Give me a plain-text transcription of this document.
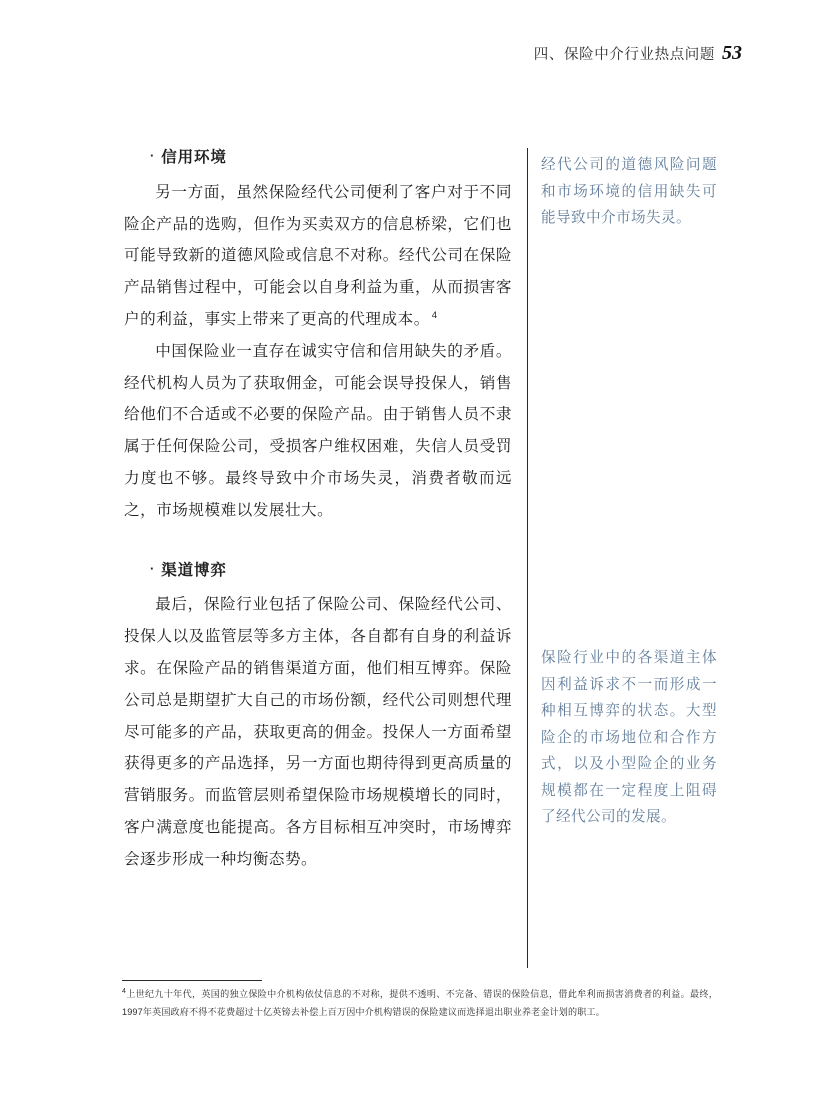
四、保险中介行业热点问题 53
· 信用环境

另一方面，虽然保险经代公司便利了客户对于不同险企产品的选购，但作为买卖双方的信息桥梁，它们也可能导致新的道德风险或信息不对称。经代公司在保险产品销售过程中，可能会以自身利益为重，从而损害客户的利益，事实上带来了更高的代理成本。 $^4$

中国保险业一直存在诚实守信和信用缺失的矛盾。经代机构人员为了获取佣金，可能会误导投保人，销售给他们不合适或不必要的保险产品。由于销售人员不隶属于任何保险公司，受损客户维权困难，失信人员受罚力度也不够。最终导致中介市场失灵，消费者敬而远之，市场规模难以发展壮大。

· 渠道博弈

最后，保险行业包括了保险公司、保险经代公司、投保人以及监管层等多方主体，各自都有自身的利益诉求。在保险产品的销售渠道方面，他们相互博弈。保险公司总是期望扩大自己的市场份额，经代公司则想代理尽可能多的产品，获取更高的佣金。投保人一方面希望获得更多的产品选择，另一方面也期待得到更高质量的营销服务。而监管层则希望保险市场规模增长的同时，客户满意度也能提高。各方目标相互冲突时，市场博弈会逐步形成一种均衡态势。

经代公司的道德风险问题和市场环境的信用缺失可能导致中介市场失灵。
保险行业中的各渠道主体因利益诉求不一而形成一种相互博弈的状态。大型险企的市场地位和合作方式，以及小型险企的业务规模都在一定程度上阻碍了经代公司的发展。

$^4$上世纪九十年代，英国的独立保险中介机构依仗信息的不对称，提供不透明、不完备、错误的保险信息，借此牟利而损害消费者的利益。最终，1997年英国政府不得不花费超过十亿英镑去补偿上百万因中介机构错误的保险建议而选择退出职业养老金计划的职工。
